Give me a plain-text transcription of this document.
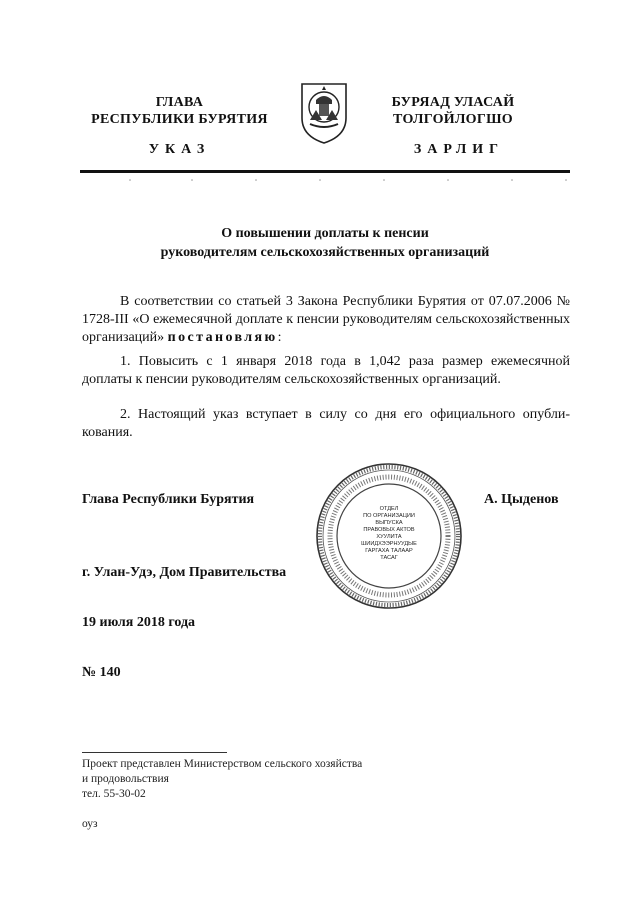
ГЛАВА
РЕСПУБЛИКИ БУРЯТИЯ
БУРЯАД УЛАСАЙ
ТОЛГОЙЛОГШО
УКАЗ	ЗАРЛИГ
О повышении доплаты к пенсии
руководителям сельскохозяйственных организаций
В соответствии со статьей 3 Закона Республики Бурятия от 07.07.2006 № 1728-III «О ежемесячной доплате к пенсии руководителям сельскохозяйственных организаций» постановляю:
1. Повысить с 1 января 2018 года в 1,042 раза размер ежемесячной доплаты к пенсии руководителям сельскохозяйственных организаций.
2. Настоящий указ вступает в силу со дня его официального опубли-кования.
Глава Республики Бурятия	А. Цыденов
ОТДЕЛ
ПО ОРГАНИЗАЦИИ
ВЫПУСКА
ПРАВОВЫХ АКТОВ
ХУУЛИТА
ШИИДХЭЭРНУУДЫЕ
ГАРГАХА ТАЛААР
ТАСАГ
г. Улан-Удэ, Дом Правительства
19 июля 2018 года
№ 140
Проект представлен Министерством сельского хозяйства
и продовольствия
тел. 55-30-02
оуз
